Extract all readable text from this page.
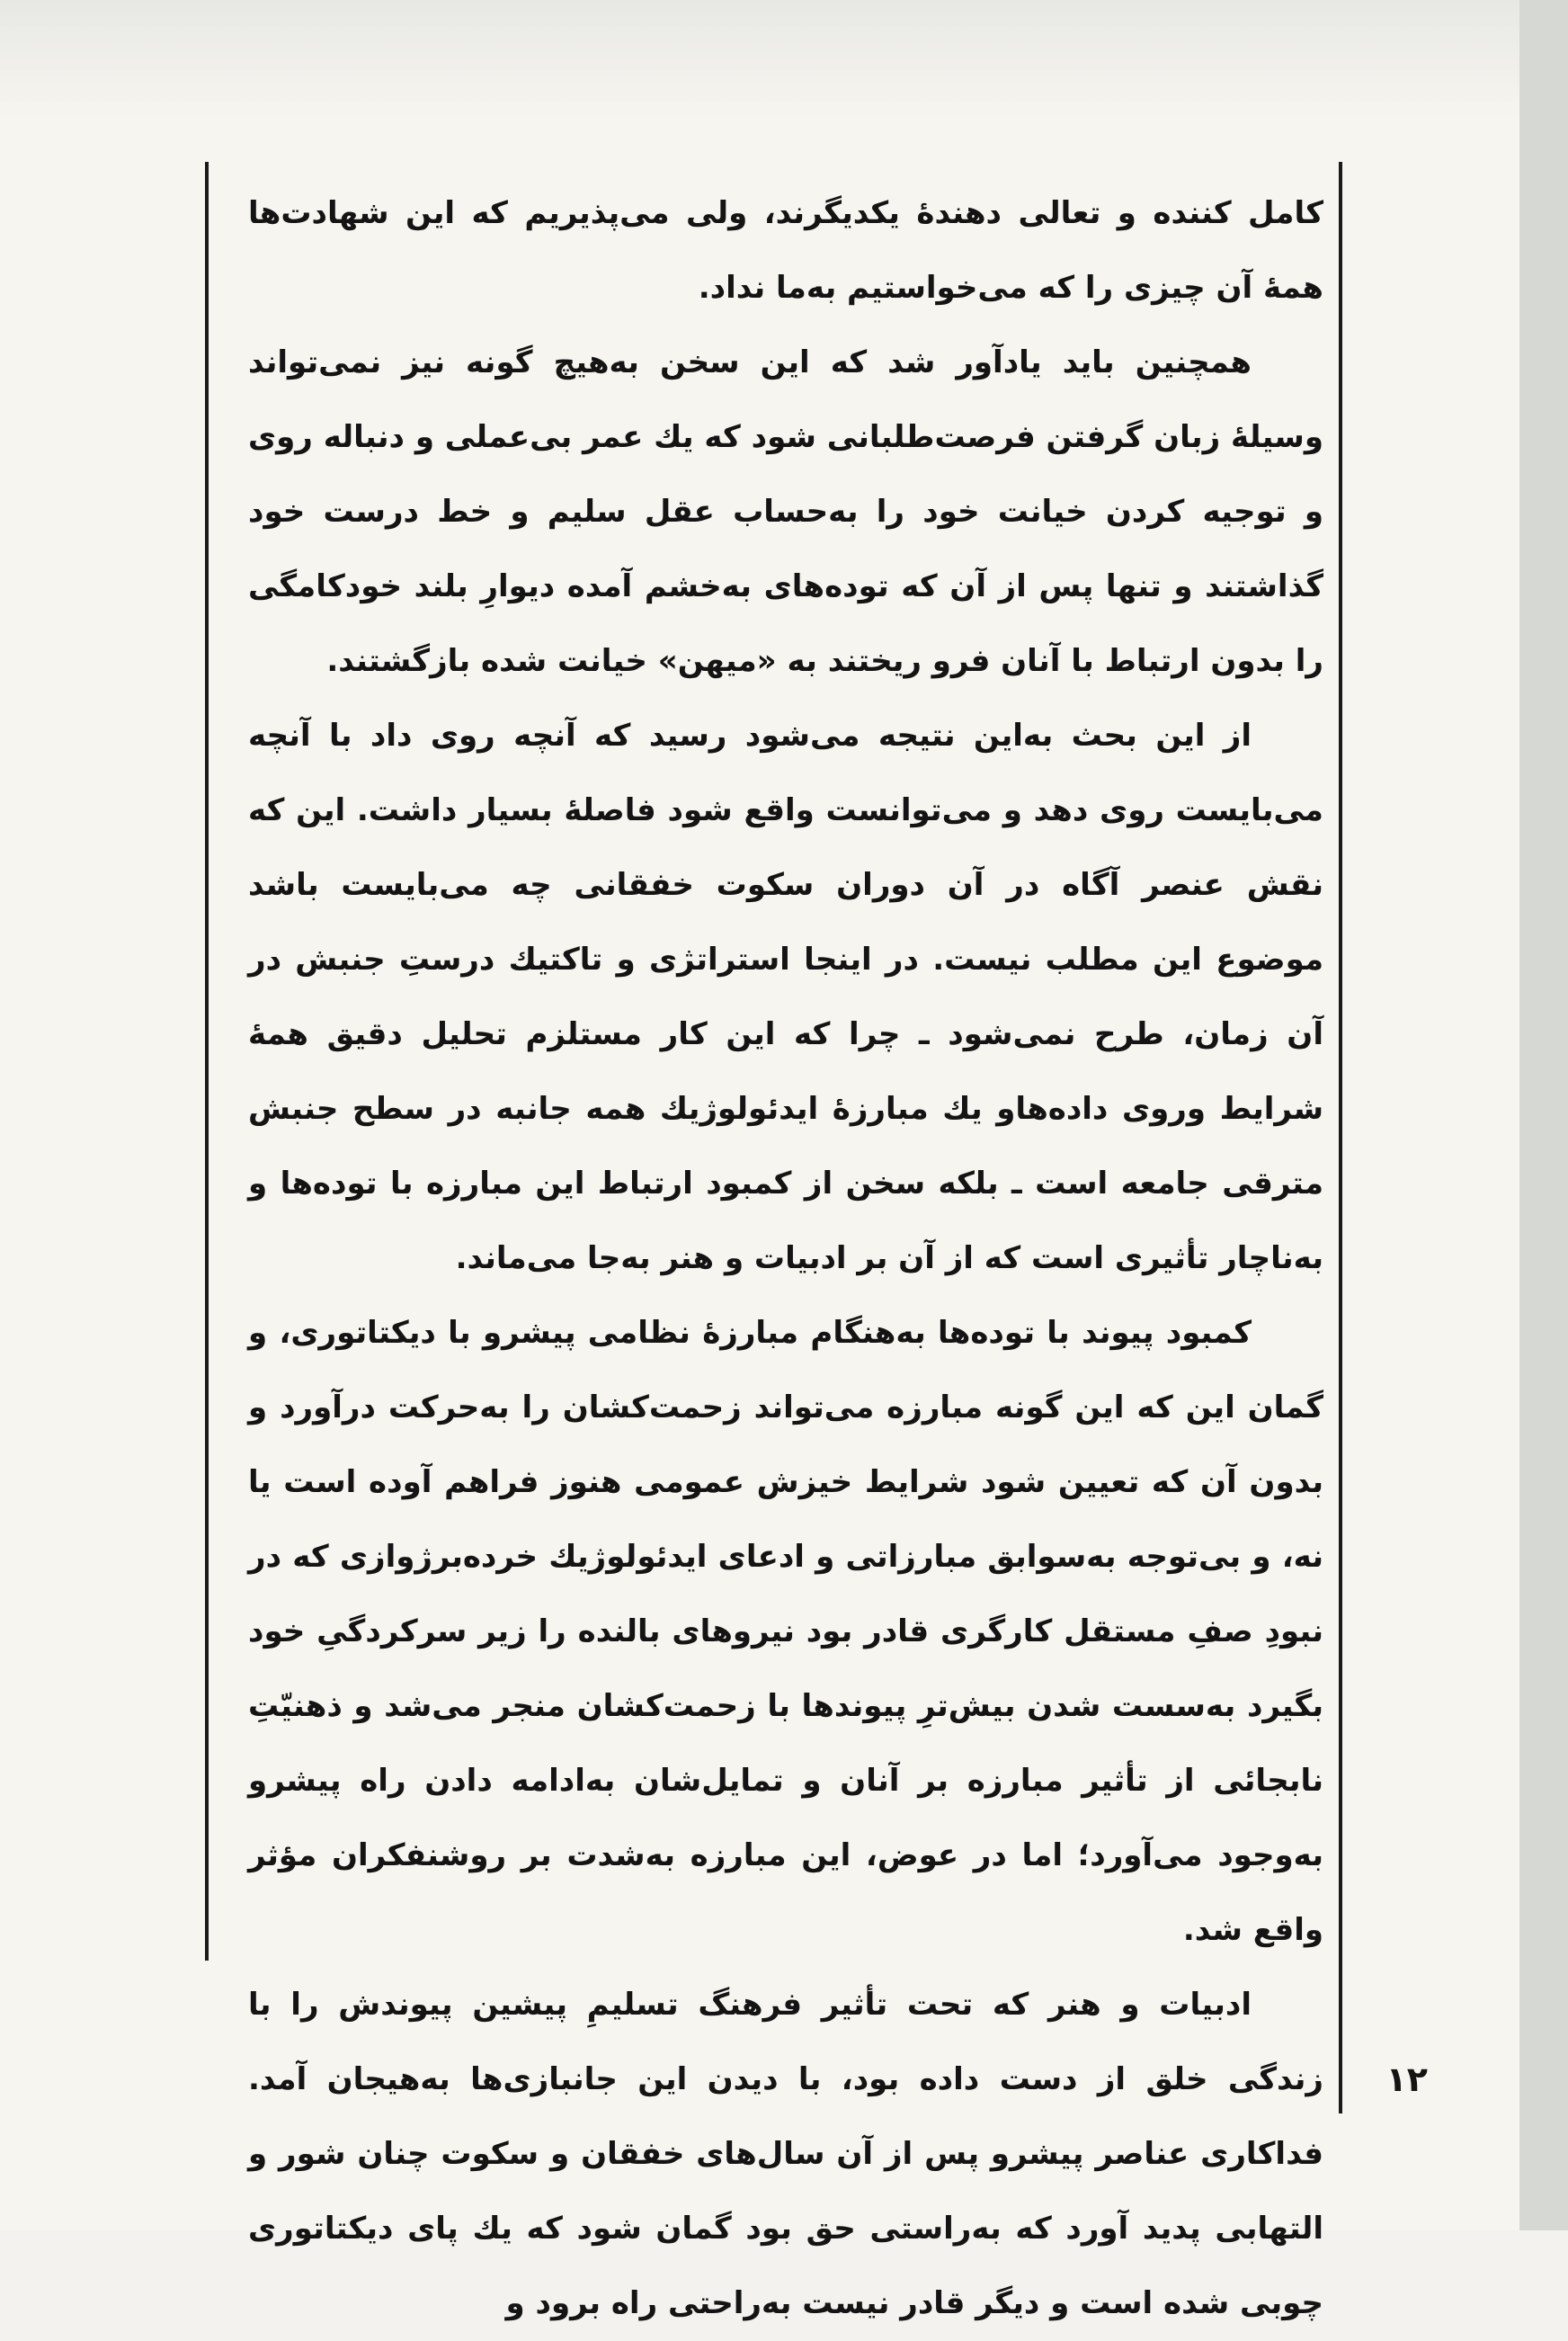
کامل کننده و تعالی دهندهٔ یکدیگرند، ولی می‌پذیریم که این شهادت‌ها همهٔ آن چیزی را که می‌خواستیم به‌ما نداد.

همچنین باید یادآور شد که این سخن به‌هیچ گونه نیز نمی‌تواند وسیلهٔ زبان گرفتن فرصت‌طلبانی شود که یك عمر بی‌عملی و دنباله روی و توجیه کردن خیانت خود را به‌حساب عقل سلیم و خط درست خود گذاشتند و تنها پس از آن که توده‌های به‌خشم آمده دیوارِ بلند خودکامگی را بدون ارتباط با آنان فرو ریختند به «میهن» خیانت شده بازگشتند.

از این بحث به‌این نتیجه می‌شود رسید که آنچه روی داد با آنچه می‌بایست روی دهد و می‌توانست واقع شود فاصلهٔ بسیار داشت. این که نقش عنصر آگاه در آن دوران سکوت خفقانی چه می‌بایست باشد موضوع این مطلب نیست. در اینجا استراتژی و تاکتیك درستِ جنبش در آن زمان، طرح نمی‌شود ـ چرا که این کار مستلزم تحلیل دقیق همهٔ شرایط وروی داده‌هاو یك مبارزهٔ ایدئولوژیك همه جانبه در سطح جنبش مترقی جامعه است ـ بلکه سخن از کمبود ارتباط این مبارزه با توده‌ها و به‌ناچار تأثیری است که از آن بر ادبیات و هنر به‌جا می‌ماند.

کمبود پیوند با توده‌ها به‌هنگام مبارزهٔ نظامی پیشرو با دیکتاتوری، و گمان این که این گونه مبارزه می‌تواند زحمت‌کشان را به‌حرکت درآورد و بدون آن که تعیین شود شرایط خیزش عمومی هنوز فراهم آوده است یا نه، و بی‌توجه به‌سوابق مبارزاتی و ادعای ایدئولوژیك خرده‌برژوازی که در نبودِ صفِ مستقل کارگری قادر بود نیروهای بالنده را زیر سرکردگیِ خود بگیرد به‌سست شدن بیش‌ترِ پیوندها با زحمت‌کشان منجر می‌شد و ذهنیّتِ نابجائی از تأثیر مبارزه بر آنان و تمایل‌شان به‌ادامه دادن راه پیشرو به‌وجود می‌آورد؛ اما در عوض، این مبارزه به‌شدت بر روشنفکران مؤثر واقع شد.

ادبیات و هنر که تحت تأثیر فرهنگ تسلیمِ پیشین پیوندش را با زندگی خلق از دست داده بود، با دیدن این جانبازی‌ها به‌هیجان آمد. فداکاری عناصر پیشرو پس از آن سال‌های خفقان و سکوت چنان شور و التهابی پدید آورد که به‌راستی حق بود گمان شود که یك پای دیکتاتوری چوبی شده است و دیگر قادر نیست به‌راحتی راه برود و

۱۲
